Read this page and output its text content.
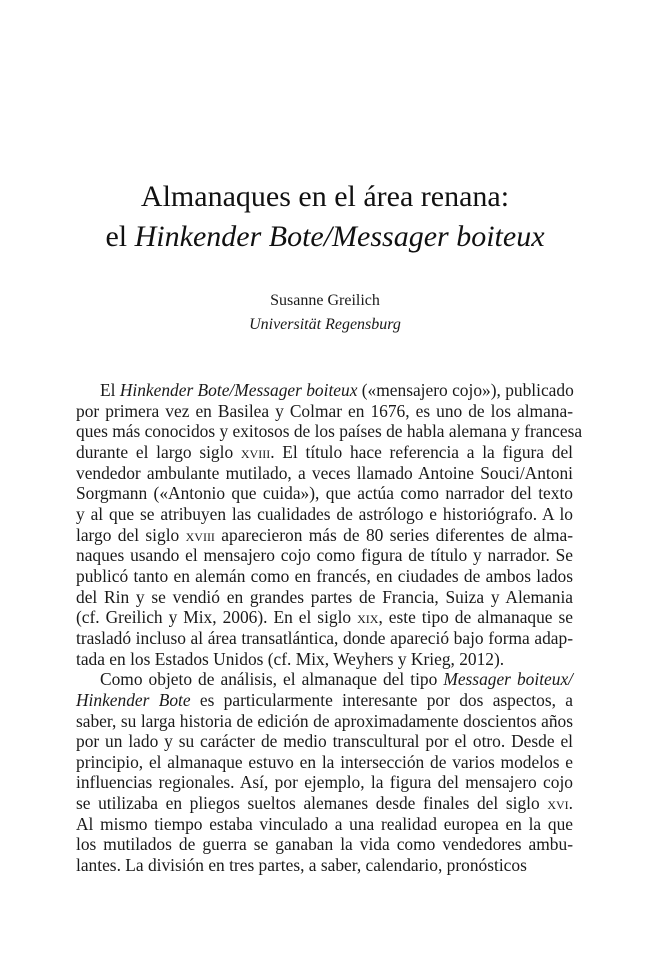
Almanaques en el área renana:
el Hinkender Bote/Messager boiteux
Susanne Greilich
Universität Regensburg

El Hinkender Bote/Messager boiteux («mensajero cojo»), publicado
por primera vez en Basilea y Colmar en 1676, es uno de los almana-
ques más conocidos y exitosos de los países de habla alemana y francesa
durante el largo siglo xviii. El título hace referencia a la figura del
vendedor ambulante mutilado, a veces llamado Antoine Souci/Antoni
Sorgmann («Antonio que cuida»), que actúa como narrador del texto
y al que se atribuyen las cualidades de astrólogo e historiógrafo. A lo
largo del siglo xviii aparecieron más de 80 series diferentes de alma-
naques usando el mensajero cojo como figura de título y narrador. Se
publicó tanto en alemán como en francés, en ciudades de ambos lados
del Rin y se vendió en grandes partes de Francia, Suiza y Alemania
(cf. Greilich y Mix, 2006). En el siglo xix, este tipo de almanaque se
trasladó incluso al área transatlántica, donde apareció bajo forma adap-
tada en los Estados Unidos (cf. Mix, Weyhers y Krieg, 2012).

Como objeto de análisis, el almanaque del tipo Messager boiteux/
Hinkender Bote es particularmente interesante por dos aspectos, a
saber, su larga historia de edición de aproximadamente doscientos años
por un lado y su carácter de medio transcultural por el otro. Desde el
principio, el almanaque estuvo en la intersección de varios modelos e
influencias regionales. Así, por ejemplo, la figura del mensajero cojo
se utilizaba en pliegos sueltos alemanes desde finales del siglo xvi.
Al mismo tiempo estaba vinculado a una realidad europea en la que
los mutilados de guerra se ganaban la vida como vendedores ambu-
lantes. La división en tres partes, a saber, calendario, pronósticos
